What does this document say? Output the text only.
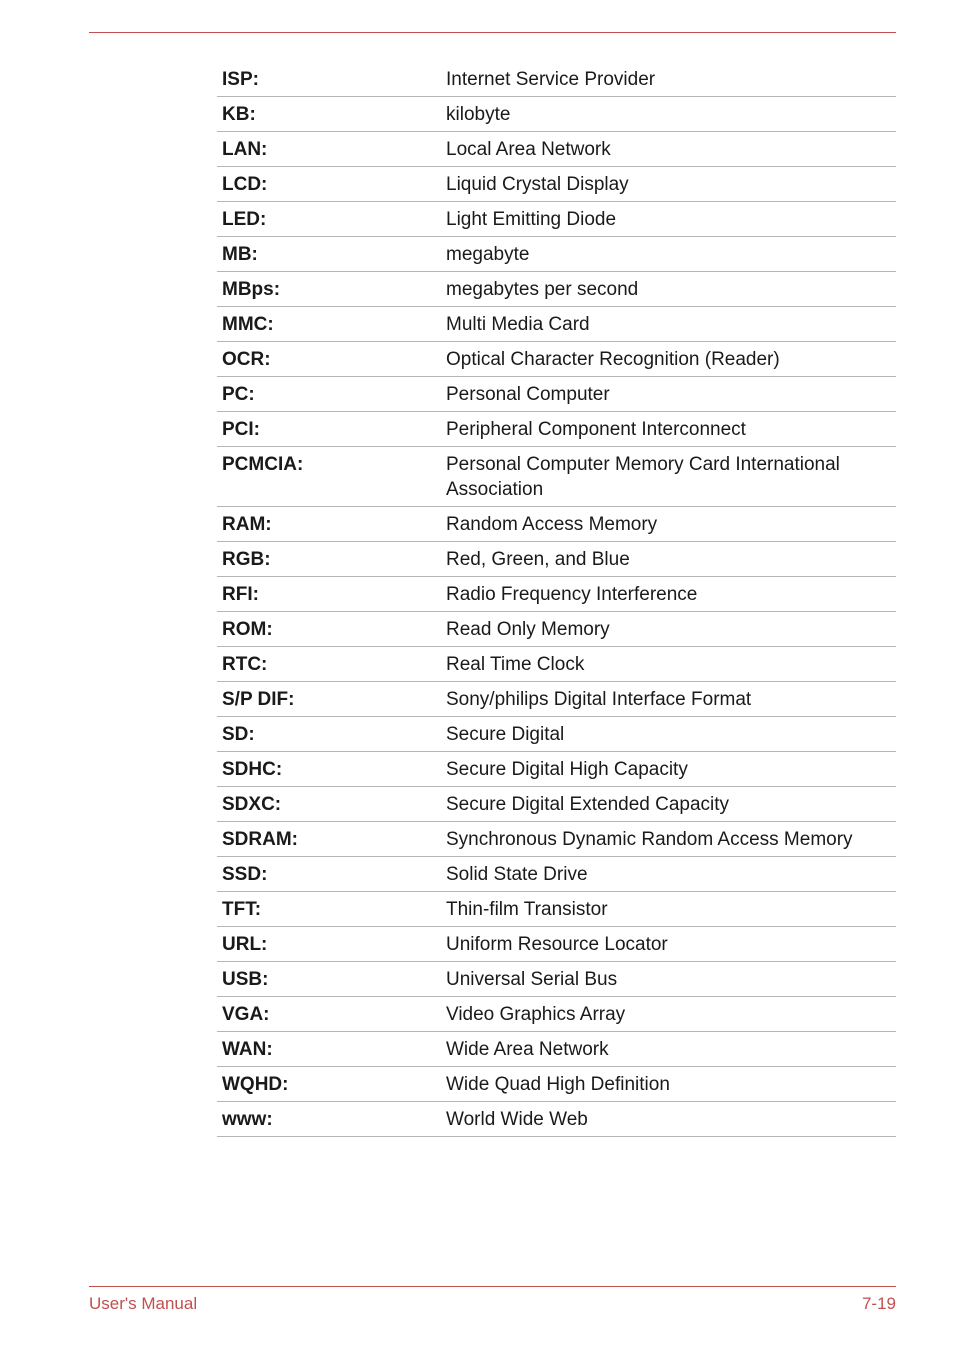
ISP:	Internet Service Provider
KB:	kilobyte
LAN:	Local Area Network
LCD:	Liquid Crystal Display
LED:	Light Emitting Diode
MB:	megabyte
MBps:	megabytes per second
MMC:	Multi Media Card
OCR:	Optical Character Recognition (Reader)
PC:	Personal Computer
PCI:	Peripheral Component Interconnect
PCMCIA:	Personal Computer Memory Card International Association
RAM:	Random Access Memory
RGB:	Red, Green, and Blue
RFI:	Radio Frequency Interference
ROM:	Read Only Memory
RTC:	Real Time Clock
S/P DIF:	Sony/philips Digital Interface Format
SD:	Secure Digital
SDHC:	Secure Digital High Capacity
SDXC:	Secure Digital Extended Capacity
SDRAM:	Synchronous Dynamic Random Access Memory
SSD:	Solid State Drive
TFT:	Thin-film Transistor
URL:	Uniform Resource Locator
USB:	Universal Serial Bus
VGA:	Video Graphics Array
WAN:	Wide Area Network
WQHD:	Wide Quad High Definition
www:	World Wide Web
User's Manual	7-19
